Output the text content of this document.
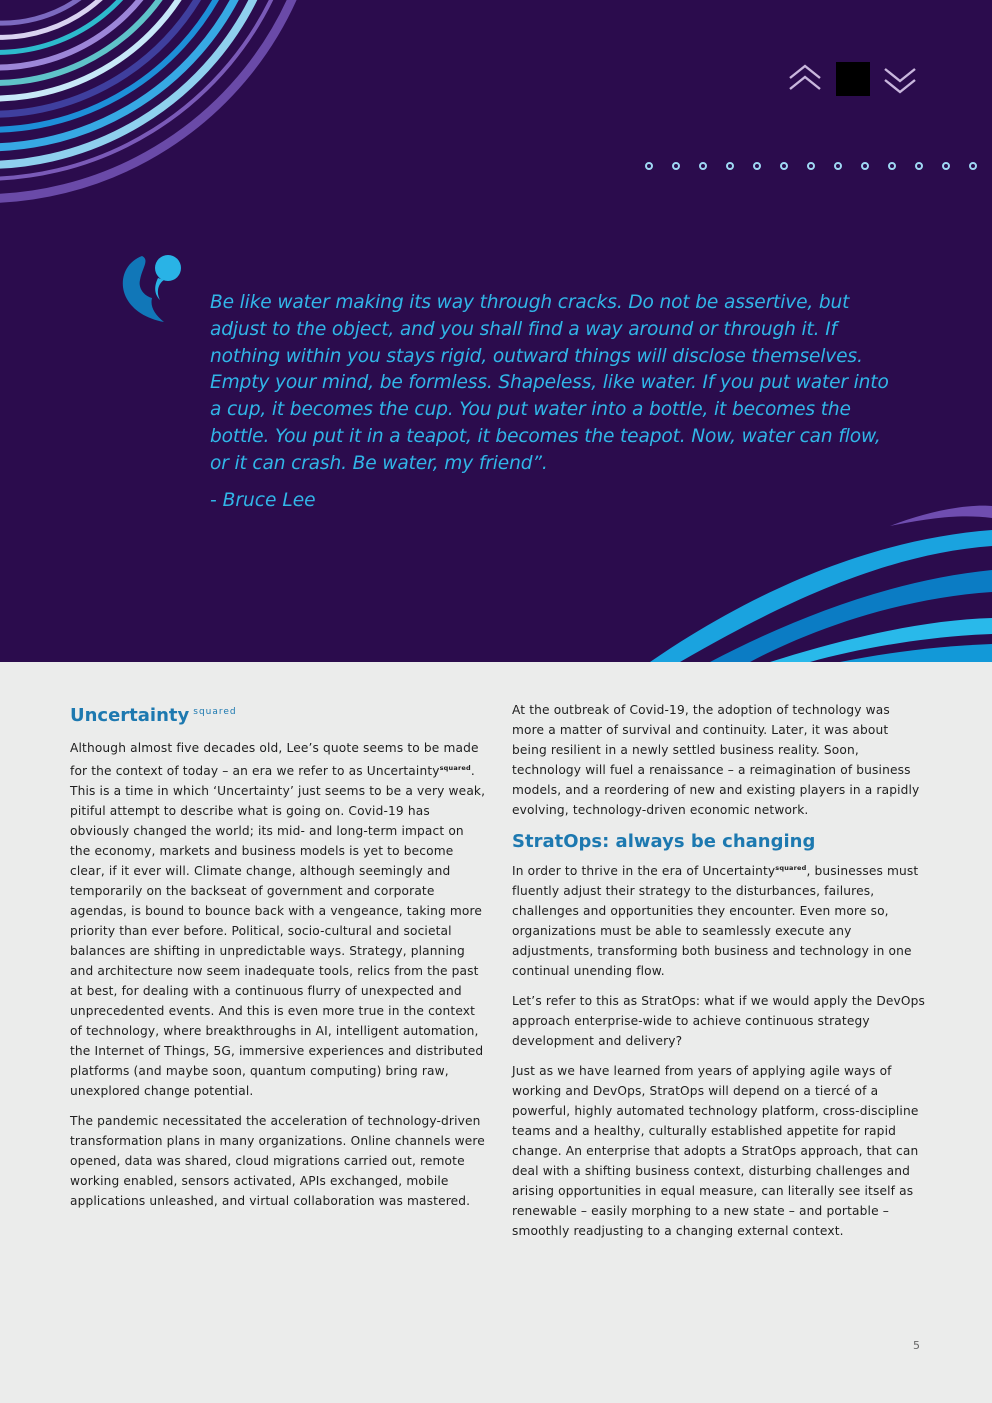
Be like water making its way through cracks. Do not be assertive, but adjust to the object, and you shall find a way around or through it. If nothing within you stays rigid, outward things will disclose themselves. Empty your mind, be formless. Shapeless, like water. If you put water into a cup, it becomes the cup. You put water into a bottle, it becomes the bottle. You put it in a teapot, it becomes the teapot. Now, water can flow, or it can crash. Be water, my friend”.
- Bruce Lee
Uncertainty $^{squared}$

Although almost five decades old, Lee’s quote seems to be made for the context of today – an era we refer to as Uncertainty$^{squared}$. This is a time in which ‘Uncertainty’ just seems to be a very weak, pitiful attempt to describe what is going on. Covid-19 has obviously changed the world; its mid- and long-term impact on the economy, markets and business models is yet to become clear, if it ever will. Climate change, although seemingly and temporarily on the backseat of government and corporate agendas, is bound to bounce back with a vengeance, taking more priority than ever before. Political, socio-cultural and societal balances are shifting in unpredictable ways. Strategy, planning and architecture now seem inadequate tools, relics from the past at best, for dealing with a continuous flurry of unexpected and unprecedented events. And this is even more true in the context of technology, where breakthroughs in AI, intelligent automation, the Internet of Things, 5G, immersive experiences and distributed platforms (and maybe soon, quantum computing) bring raw, unexplored change potential.

The pandemic necessitated the acceleration of technology-driven transformation plans in many organizations. Online channels were opened, data was shared, cloud migrations carried out, remote working enabled, sensors activated, APIs exchanged, mobile applications unleashed, and virtual collaboration was mastered.

At the outbreak of Covid-19, the adoption of technology was more a matter of survival and continuity. Later, it was about being resilient in a newly settled business reality. Soon, technology will fuel a renaissance – a reimagination of business models, and a reordering of new and existing players in a rapidly evolving, technology-driven economic network.

StratOps: always be changing

In order to thrive in the era of Uncertainty$^{squared}$, businesses must fluently adjust their strategy to the disturbances, failures, challenges and opportunities they encounter. Even more so, organizations must be able to seamlessly execute any adjustments, transforming both business and technology in one continual unending flow.

Let’s refer to this as StratOps: what if we would apply the DevOps approach enterprise-wide to achieve continuous strategy development and delivery?

Just as we have learned from years of applying agile ways of working and DevOps, StratOps will depend on a tiercé of a powerful, highly automated technology platform, cross-discipline teams and a healthy, culturally established appetite for rapid change. An enterprise that adopts a StratOps approach, that can deal with a shifting business context, disturbing challenges and arising opportunities in equal measure, can literally see itself as renewable – easily morphing to a new state – and portable – smoothly readjusting to a changing external context.

5
